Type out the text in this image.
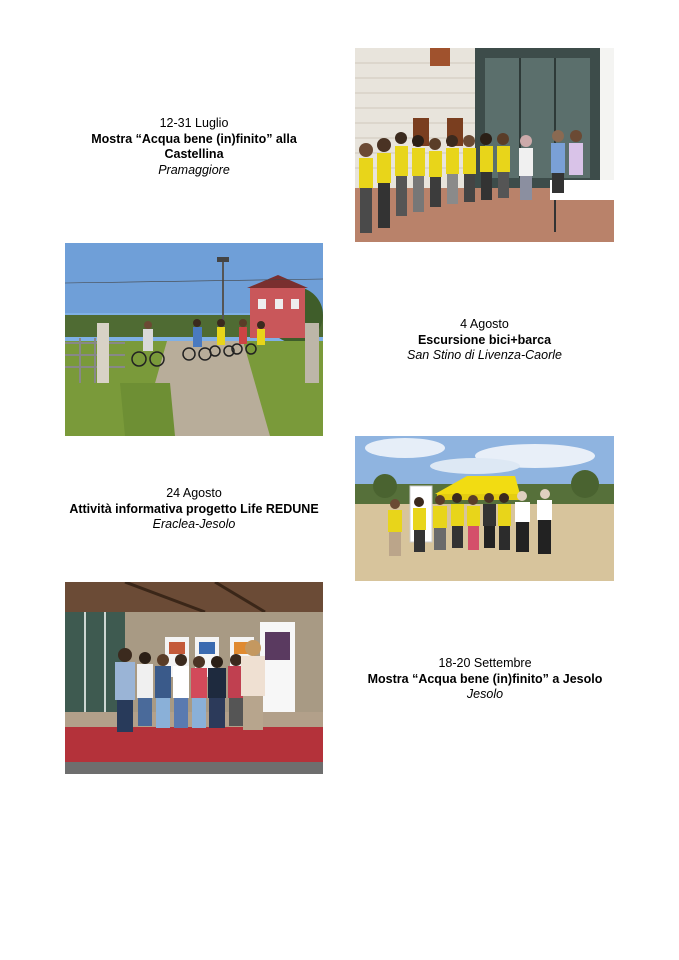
12-31 Luglio
Mostra “Acqua bene (in)finito” alla
Castellina
Pramaggiore
4 Agosto
Escursione bici+barca
San Stino di Livenza-Caorle
24 Agosto
Attività informativa progetto Life REDUNE
Eraclea-Jesolo
18-20 Settembre
Mostra “Acqua bene (in)finito” a Jesolo
Jesolo
